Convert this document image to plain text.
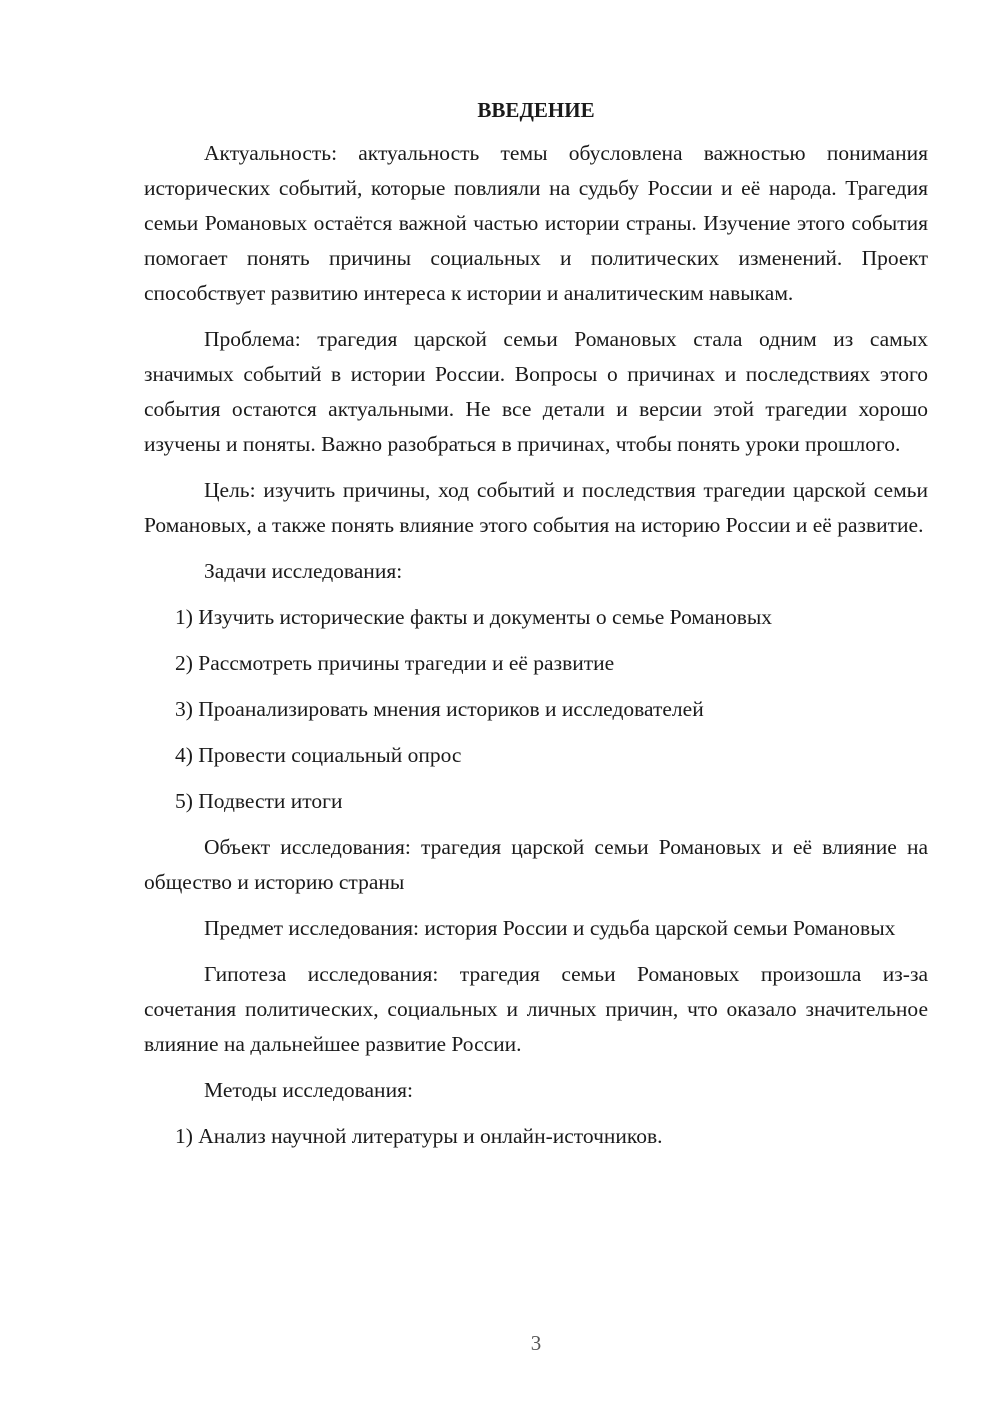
ВВЕДЕНИЕ

Актуальность: актуальность темы обусловлена важностью понимания исторических событий, которые повлияли на судьбу России и её народа. Трагедия семьи Романовых остаётся важной частью истории страны. Изучение этого события помогает понять причины социальных и политических изменений. Проект способствует развитию интереса к истории и аналитическим навыкам.

Проблема: трагедия царской семьи Романовых стала одним из самых значимых событий в истории России. Вопросы о причинах и последствиях этого события остаются актуальными. Не все детали и версии этой трагедии хорошо изучены и поняты. Важно разобраться в причинах, чтобы понять уроки прошлого.

Цель: изучить причины, ход событий и последствия трагедии царской семьи Романовых, а также понять влияние этого события на историю России и её развитие.

Задачи исследования:

1) Изучить исторические факты и документы о семье Романовых

2) Рассмотреть причины трагедии и её развитие

3) Проанализировать мнения историков и исследователей

4) Провести социальный опрос

5) Подвести итоги

Объект исследования: трагедия царской семьи Романовых и её влияние на общество и историю страны

Предмет исследования: история России и судьба царской семьи Романовых

Гипотеза исследования: трагедия семьи Романовых произошла из-за сочетания политических, социальных и личных причин, что оказало значительное влияние на дальнейшее развитие России.

Методы исследования:

1) Анализ научной литературы и онлайн-источников.

3
